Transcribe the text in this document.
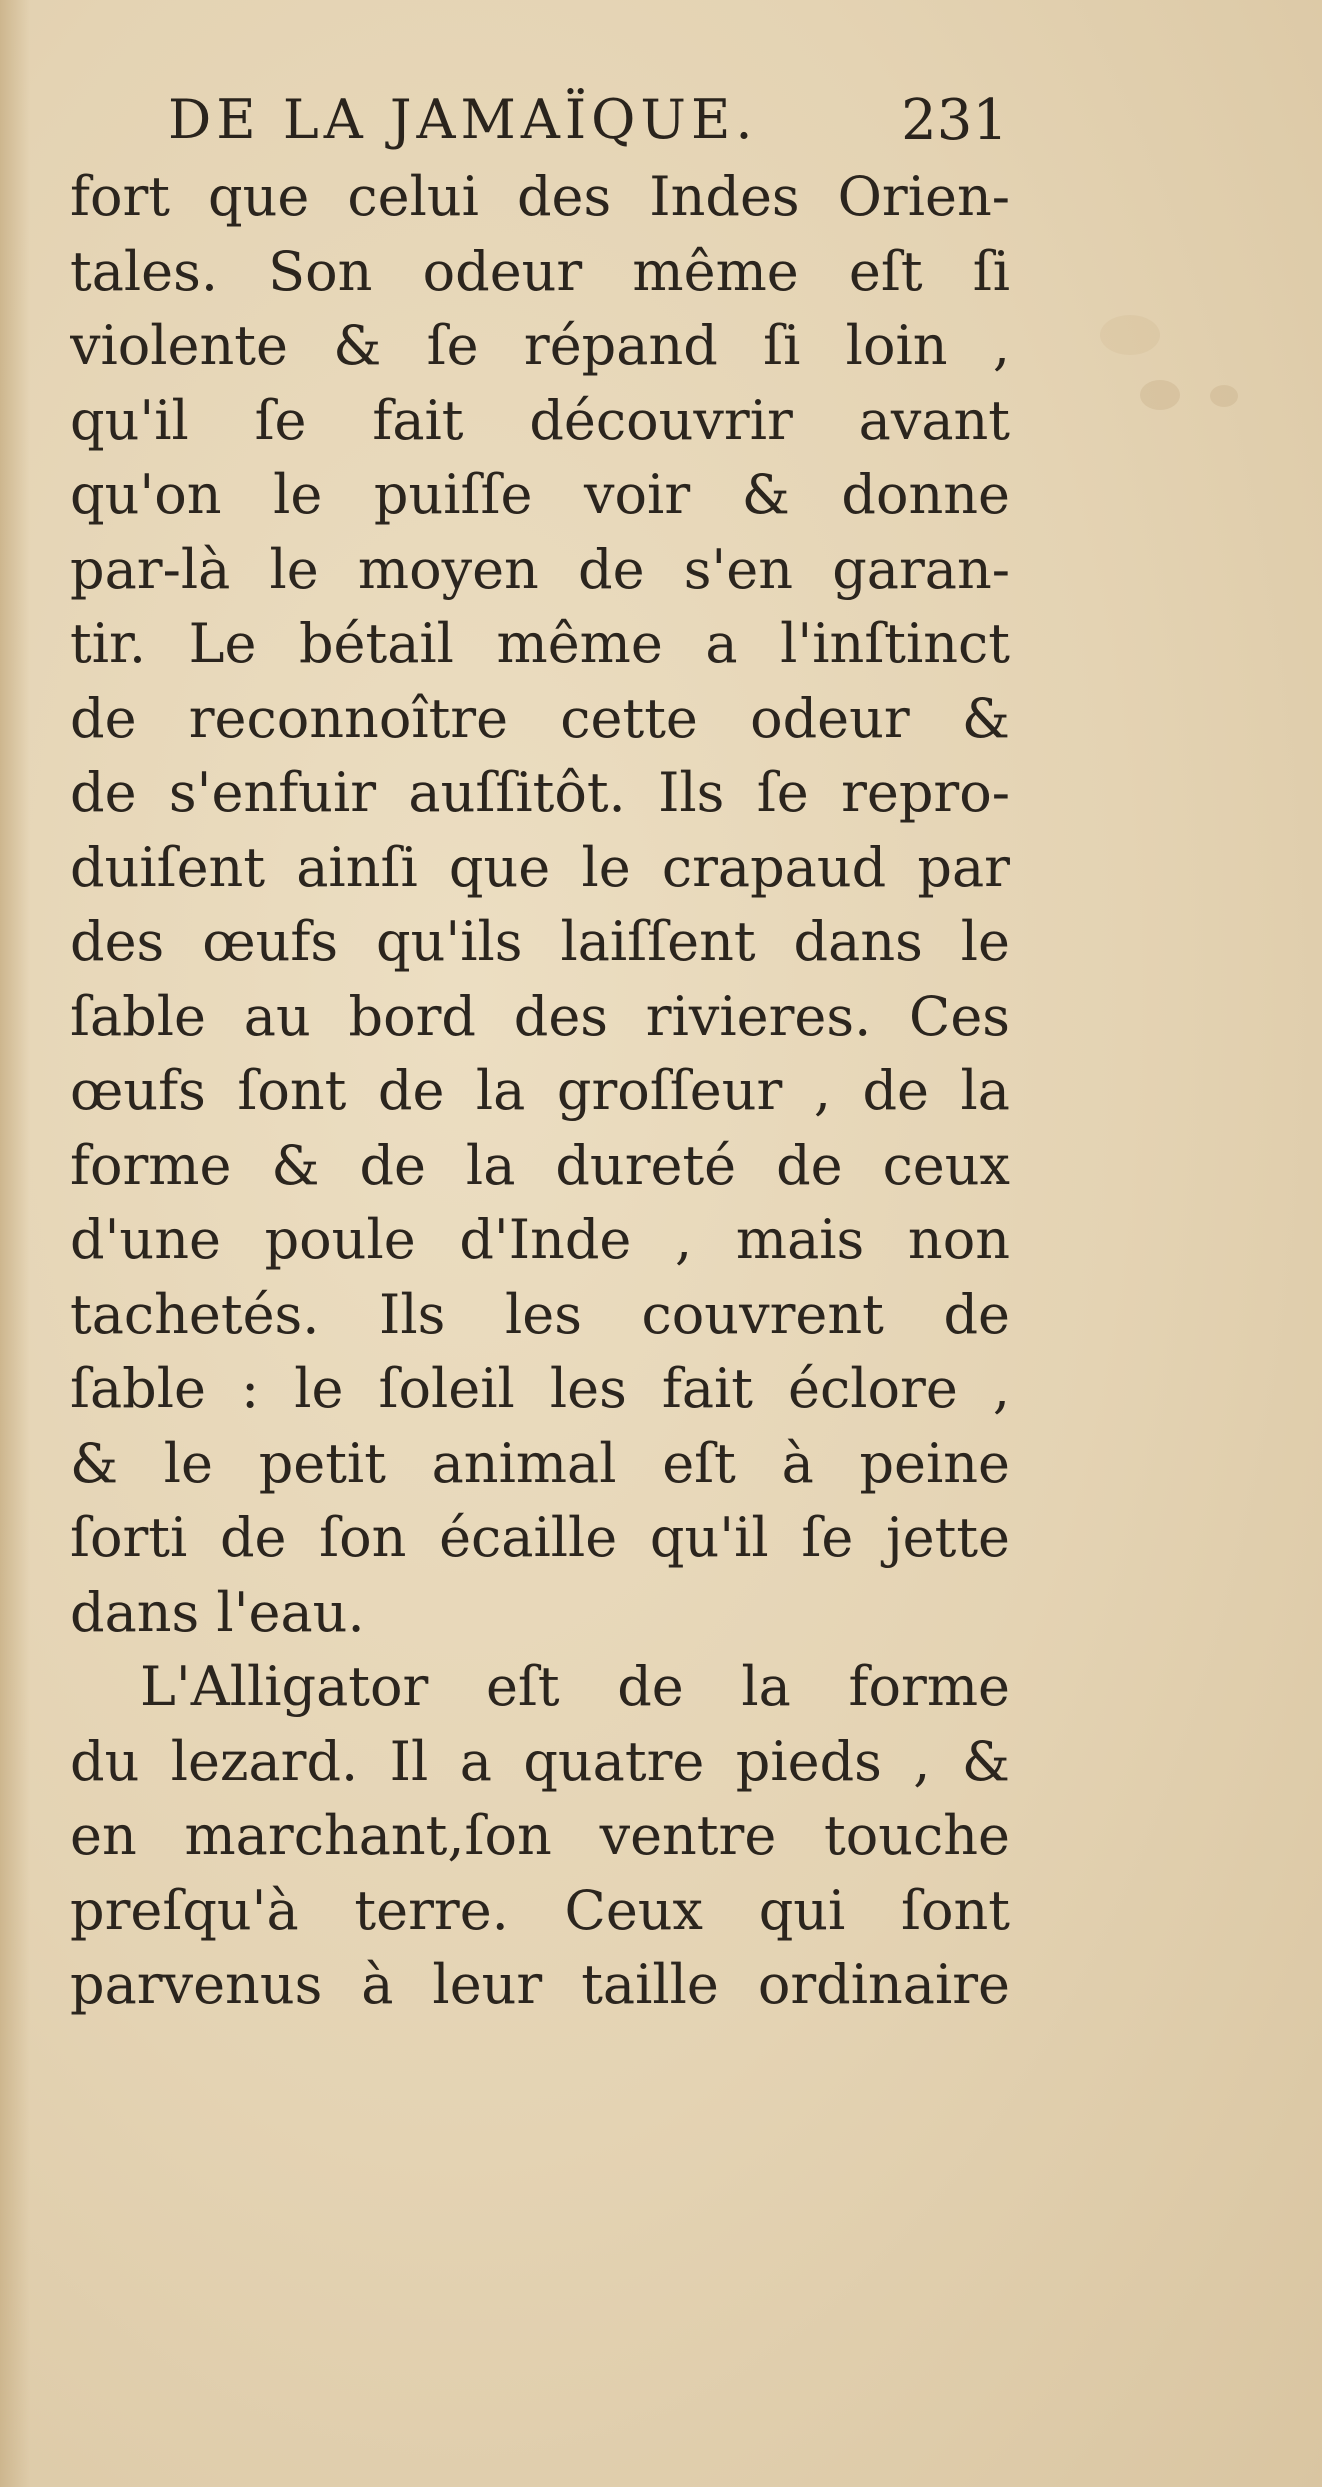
DE LA JAMAÏQUE.	231
fort que celui des Indes Orien-
tales. Son odeur même eſt ſi
violente & ſe répand ſi loin ,
qu'il ſe fait découvrir avant
qu'on le puiſſe voir & donne
par-là le moyen de s'en garan-
tir. Le bétail même a l'inſtinct
de reconnoître cette odeur &
de s'enfuir auſſitôt. Ils ſe repro-
duiſent ainſi que le crapaud par
des œufs qu'ils laiſſent dans le
ſable au bord des rivieres. Ces
œufs ſont de la groſſeur , de la
forme & de la dureté de ceux
d'une poule d'Inde , mais non
tachetés. Ils les couvrent de
ſable : le ſoleil les fait éclore ,
& le petit animal eſt à peine
ſorti de ſon écaille qu'il ſe jette
dans l'eau.
L'Alligator eſt de la forme
du lezard. Il a quatre pieds , &
en marchant,ſon ventre touche
preſqu'à terre. Ceux qui ſont
parvenus à leur taille ordinaire
